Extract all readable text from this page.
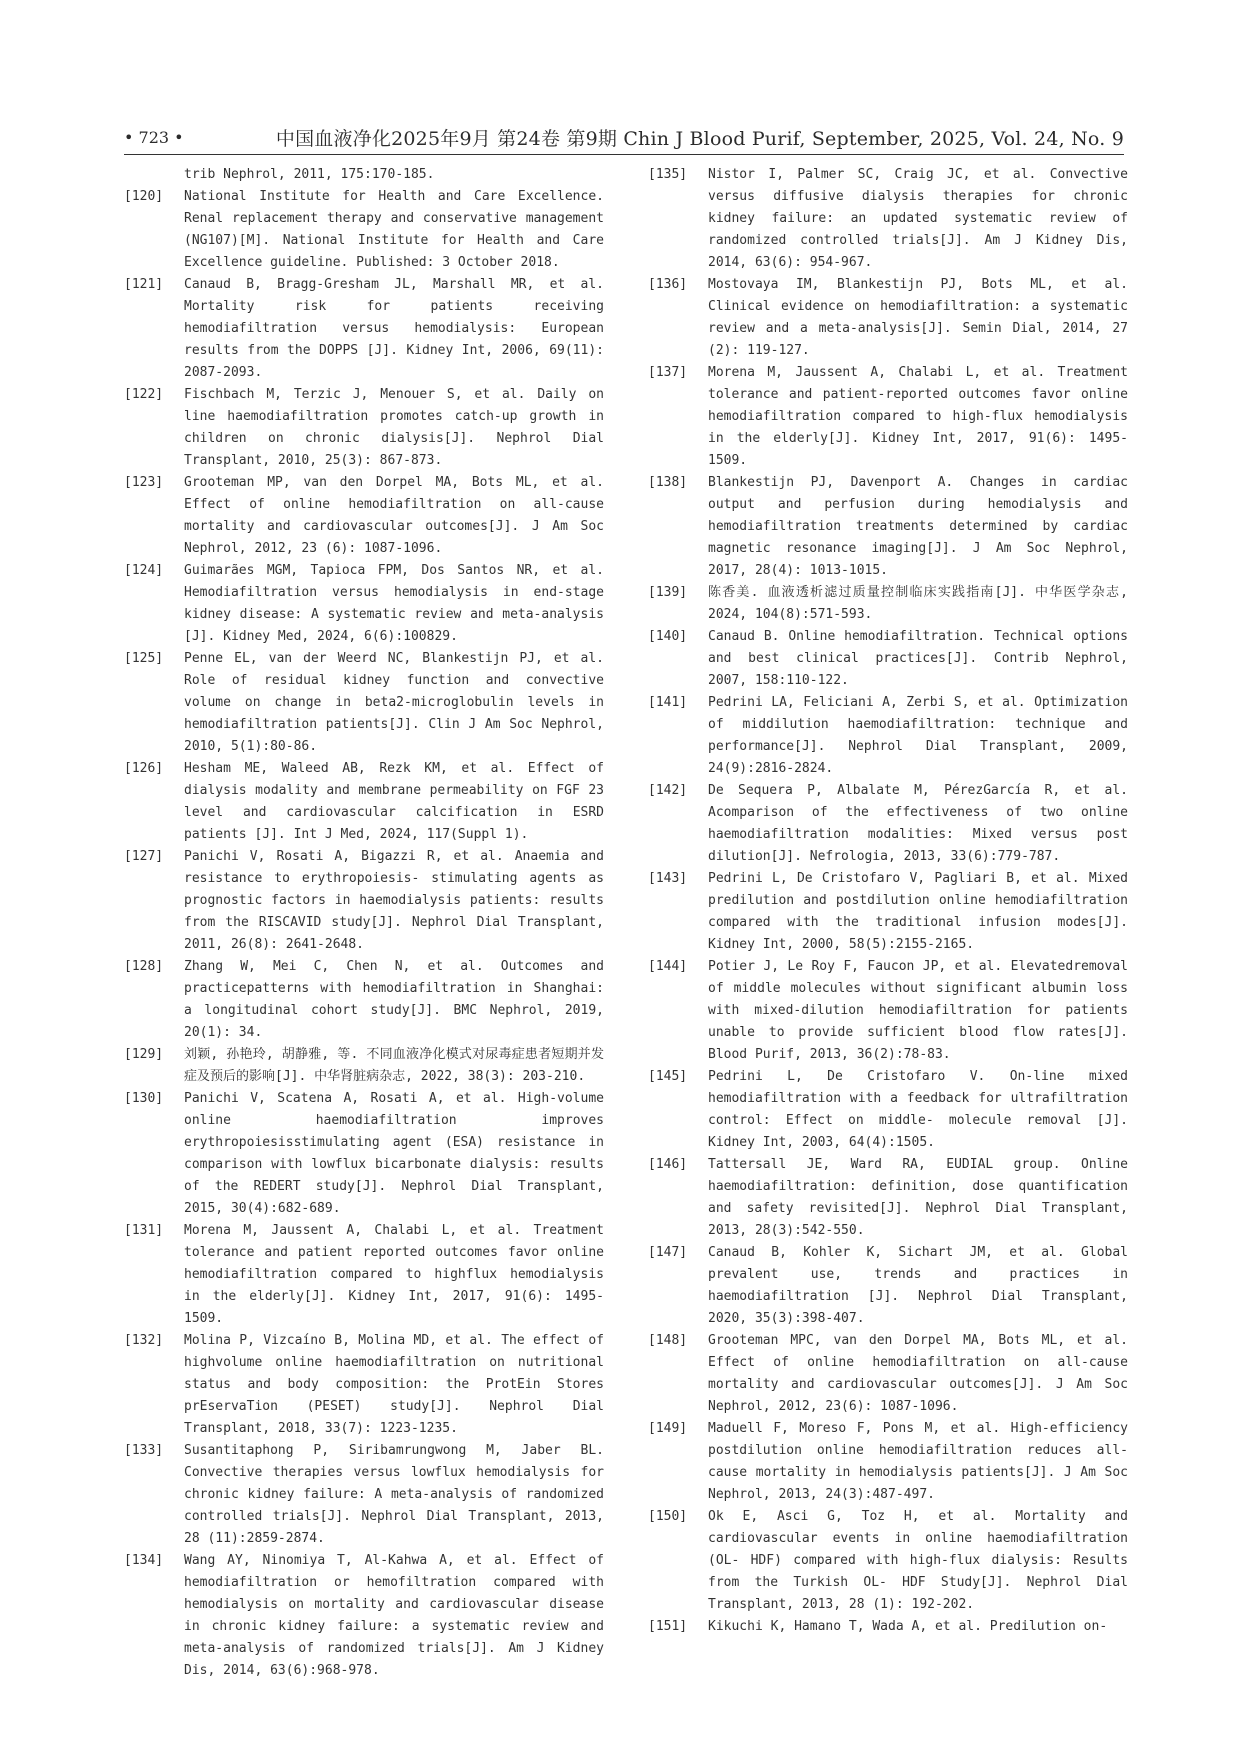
• 723 •	中国血液净化2025年9月 第24卷 第9期 Chin J Blood Purif, September, 2025, Vol. 24, No. 9
trib Nephrol, 2011, 175:170-185.
[120]	National Institute for Health and Care Excellence. Renal replacement therapy and conservative management (NG107)[M]. National Institute for Health and Care Excellence guideline. Published: 3 October 2018.
[121]	Canaud B, Bragg-Gresham JL, Marshall MR, et al. Mortality risk for patients receiving hemodiafiltration versus hemodialysis: European results from the DOPPS [J]. Kidney Int, 2006, 69(11): 2087-2093.
[122]	Fischbach M, Terzic J, Menouer S, et al. Daily on line haemodiafiltration promotes catch-up growth in children on chronic dialysis[J]. Nephrol Dial Transplant, 2010, 25(3): 867-873.
[123]	Grooteman MP, van den Dorpel MA, Bots ML, et al. Effect of online hemodiafiltration on all-cause mortality and cardiovascular outcomes[J]. J Am Soc Nephrol, 2012, 23 (6): 1087-1096.
[124]	Guimarães MGM, Tapioca FPM, Dos Santos NR, et al. Hemodiafiltration versus hemodialysis in end-stage kidney disease: A systematic review and meta-analysis [J]. Kidney Med, 2024, 6(6):100829.
[125]	Penne EL, van der Weerd NC, Blankestijn PJ, et al. Role of residual kidney function and convective volume on change in beta2-microglobulin levels in hemodiafiltration patients[J]. Clin J Am Soc Nephrol, 2010, 5(1):80-86.
[126]	Hesham ME, Waleed AB, Rezk KM, et al. Effect of dialysis modality and membrane permeability on FGF 23 level and cardiovascular calcification in ESRD patients [J]. Int J Med, 2024, 117(Suppl 1).
[127]	Panichi V, Rosati A, Bigazzi R, et al. Anaemia and resistance to erythropoiesis- stimulating agents as prognostic factors in haemodialysis patients: results from the RISCAVID study[J]. Nephrol Dial Transplant, 2011, 26(8): 2641-2648.
[128]	Zhang W, Mei C, Chen N, et al. Outcomes and practicepatterns with hemodiafiltration in Shanghai: a longitudinal cohort study[J]. BMC Nephrol, 2019, 20(1): 34.
[129]	刘颖, 孙艳玲, 胡静雅, 等. 不同血液净化模式对尿毒症患者短期并发症及预后的影响[J]. 中华肾脏病杂志, 2022, 38(3): 203-210.
[130]	Panichi V, Scatena A, Rosati A, et al. High-volume online haemodiafiltration improves erythropoiesisstimulating agent (ESA) resistance in comparison with lowflux bicarbonate dialysis: results of the REDERT study[J]. Nephrol Dial Transplant, 2015, 30(4):682-689.
[131]	Morena M, Jaussent A, Chalabi L, et al. Treatment tolerance and patient reported outcomes favor online hemodiafiltration compared to highflux hemodialysis in the elderly[J]. Kidney Int, 2017, 91(6): 1495-1509.
[132]	Molina P, Vizcaíno B, Molina MD, et al. The effect of highvolume online haemodiafiltration on nutritional status and body composition: the ProtEin Stores prEservaTion (PESET) study[J]. Nephrol Dial Transplant, 2018, 33(7): 1223-1235.
[133]	Susantitaphong P, Siribamrungwong M, Jaber BL. Convective therapies versus lowflux hemodialysis for chronic kidney failure: A meta-analysis of randomized controlled trials[J]. Nephrol Dial Transplant, 2013, 28 (11):2859-2874.
[134]	Wang AY, Ninomiya T, Al-Kahwa A, et al. Effect of hemodiafiltration or hemofiltration compared with hemodialysis on mortality and cardiovascular disease in chronic kidney failure: a systematic review and meta-analysis of randomized trials[J]. Am J Kidney Dis, 2014, 63(6):968-978.
[135]	Nistor I, Palmer SC, Craig JC, et al. Convective versus diffusive dialysis therapies for chronic kidney failure: an updated systematic review of randomized controlled trials[J]. Am J Kidney Dis, 2014, 63(6): 954-967.
[136]	Mostovaya IM, Blankestijn PJ, Bots ML, et al. Clinical evidence on hemodiafiltration: a systematic review and a meta-analysis[J]. Semin Dial, 2014, 27 (2): 119-127.
[137]	Morena M, Jaussent A, Chalabi L, et al. Treatment tolerance and patient-reported outcomes favor online hemodiafiltration compared to high-flux hemodialysis in the elderly[J]. Kidney Int, 2017, 91(6): 1495-1509.
[138]	Blankestijn PJ, Davenport A. Changes in cardiac output and perfusion during hemodialysis and hemodiafiltration treatments determined by cardiac magnetic resonance imaging[J]. J Am Soc Nephrol, 2017, 28(4): 1013-1015.
[139]	陈香美. 血液透析滤过质量控制临床实践指南[J]. 中华医学杂志, 2024, 104(8):571-593.
[140]	Canaud B. Online hemodiafiltration. Technical options and best clinical practices[J]. Contrib Nephrol, 2007, 158:110-122.
[141]	Pedrini LA, Feliciani A, Zerbi S, et al. Optimization of middilution haemodiafiltration: technique and performance[J]. Nephrol Dial Transplant, 2009, 24(9):2816-2824.
[142]	De Sequera P, Albalate M, PérezGarcía R, et al. Acomparison of the effectiveness of two online haemodiafiltration modalities: Mixed versus post dilution[J]. Nefrologia, 2013, 33(6):779-787.
[143]	Pedrini L, De Cristofaro V, Pagliari B, et al. Mixed predilution and postdilution online hemodiafiltration compared with the traditional infusion modes[J]. Kidney Int, 2000, 58(5):2155-2165.
[144]	Potier J, Le Roy F, Faucon JP, et al. Elevatedremoval of middle molecules without significant albumin loss with mixed-dilution hemodiafiltration for patients unable to provide sufficient blood flow rates[J]. Blood Purif, 2013, 36(2):78-83.
[145]	Pedrini L, De Cristofaro V. On-line mixed hemodiafiltration with a feedback for ultrafiltration control: Effect on middle- molecule removal [J]. Kidney Int, 2003, 64(4):1505.
[146]	Tattersall JE, Ward RA, EUDIAL group. Online haemodiafiltration: definition, dose quantification and safety revisited[J]. Nephrol Dial Transplant, 2013, 28(3):542-550.
[147]	Canaud B, Kohler K, Sichart JM, et al. Global prevalent use, trends and practices in haemodiafiltration [J]. Nephrol Dial Transplant, 2020, 35(3):398-407.
[148]	Grooteman MPC, van den Dorpel MA, Bots ML, et al. Effect of online hemodiafiltration on all-cause mortality and cardiovascular outcomes[J]. J Am Soc Nephrol, 2012, 23(6): 1087-1096.
[149]	Maduell F, Moreso F, Pons M, et al. High-efficiency postdilution online hemodiafiltration reduces all-cause mortality in hemodialysis patients[J]. J Am Soc Nephrol, 2013, 24(3):487-497.
[150]	Ok E, Asci G, Toz H, et al. Mortality and cardiovascular events in online haemodiafiltration (OL- HDF) compared with high-flux dialysis: Results from the Turkish OL- HDF Study[J]. Nephrol Dial Transplant, 2013, 28 (1): 192-202.
[151]	Kikuchi K, Hamano T, Wada A, et al. Predilution on-
